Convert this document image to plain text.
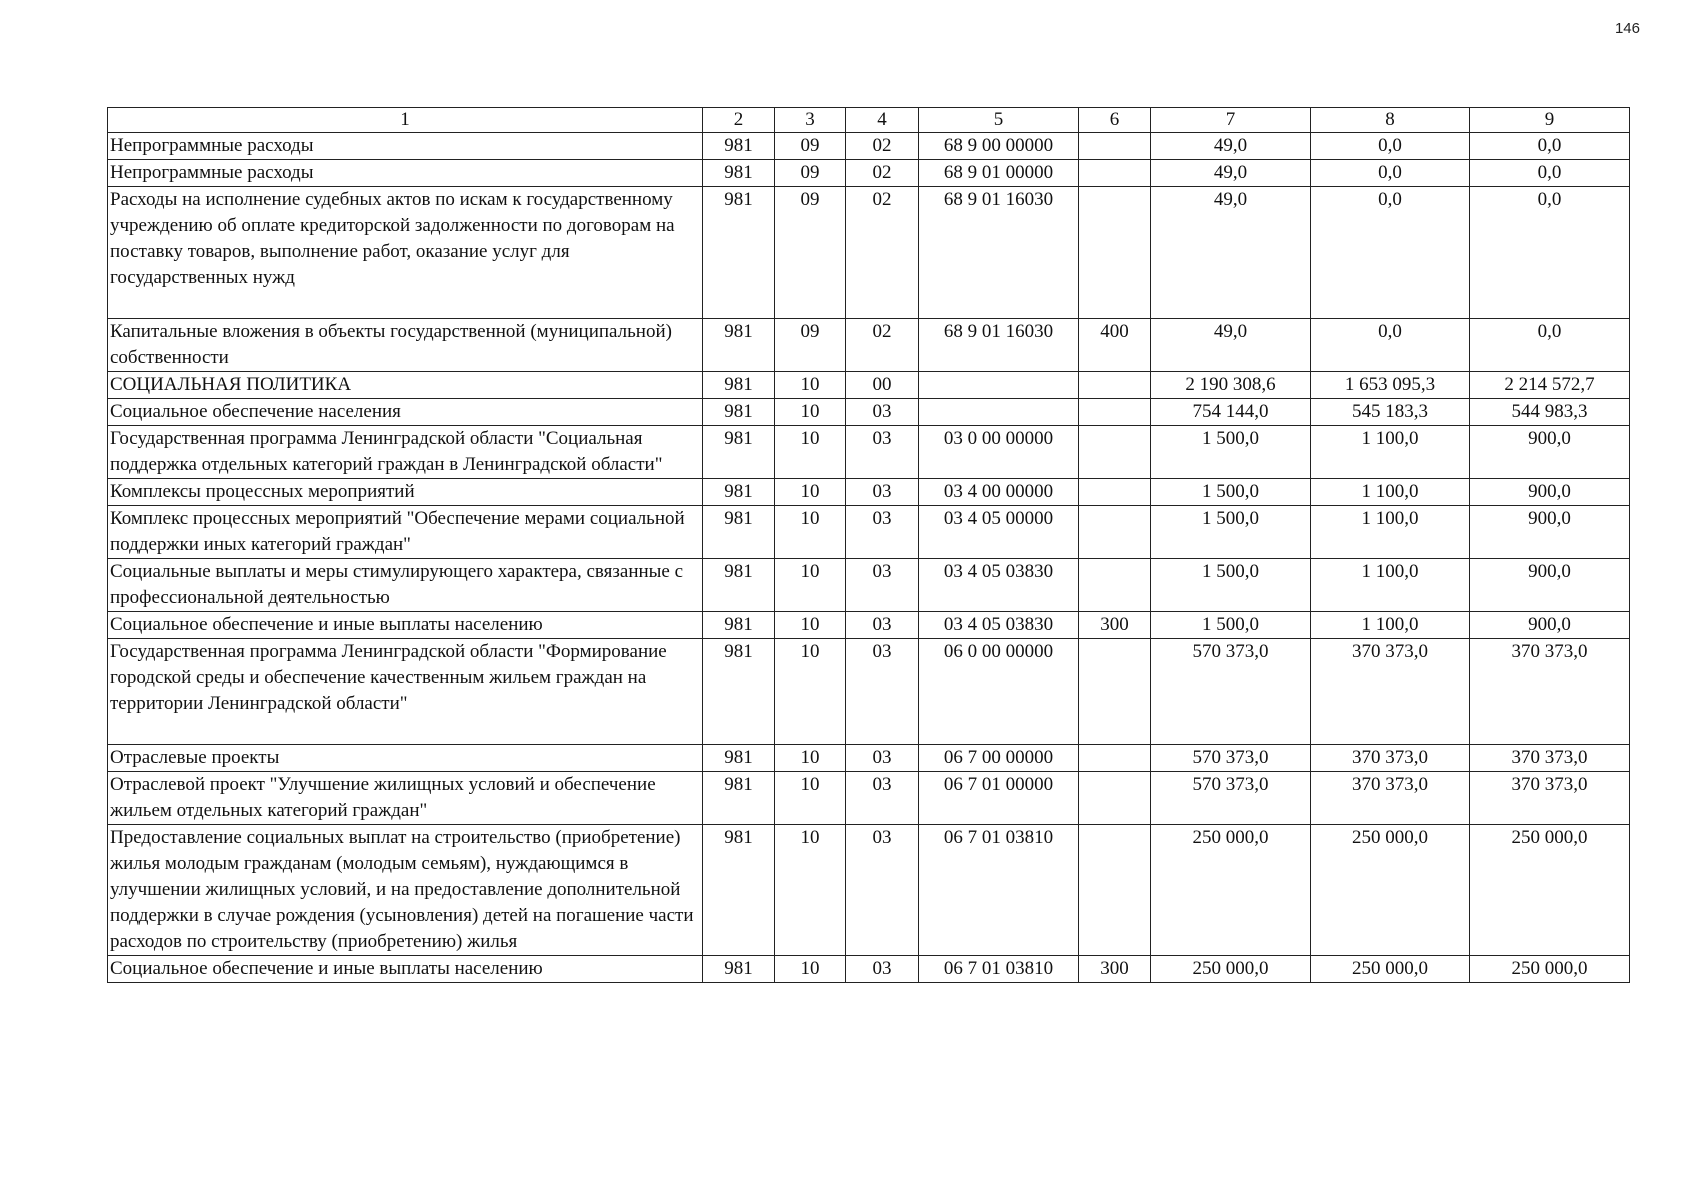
146
1	2	3	4	5	6	7	8	9
Непрограммные расходы	981	09	02	68 9 00 00000		49,0	0,0	0,0
Непрограммные расходы	981	09	02	68 9 01 00000		49,0	0,0	0,0
Расходы на исполнение судебных актов по искам к государственному учреждению об оплате кредиторской задолженности по договорам на поставку товаров, выполнение работ, оказание услуг для государственных нужд	981	09	02	68 9 01 16030		49,0	0,0	0,0
Капитальные вложения в объекты государственной (муниципальной) собственности	981	09	02	68 9 01 16030	400	49,0	0,0	0,0
СОЦИАЛЬНАЯ ПОЛИТИКА	981	10	00			2 190 308,6	1 653 095,3	2 214 572,7
Социальное обеспечение населения	981	10	03			754 144,0	545 183,3	544 983,3
Государственная программа Ленинградской области "Социальная поддержка отдельных категорий граждан в Ленинградской области"	981	10	03	03 0 00 00000		1 500,0	1 100,0	900,0
Комплексы процессных мероприятий	981	10	03	03 4 00 00000		1 500,0	1 100,0	900,0
Комплекс процессных мероприятий "Обеспечение мерами социальной поддержки иных категорий граждан"	981	10	03	03 4 05 00000		1 500,0	1 100,0	900,0
Социальные выплаты и меры стимулирующего характера, связанные с профессиональной деятельностью	981	10	03	03 4 05 03830		1 500,0	1 100,0	900,0
Социальное обеспечение и иные выплаты населению	981	10	03	03 4 05 03830	300	1 500,0	1 100,0	900,0
Государственная программа Ленинградской области "Формирование городской среды и обеспечение качественным жильем граждан на территории Ленинградской области"	981	10	03	06 0 00 00000		570 373,0	370 373,0	370 373,0
Отраслевые проекты	981	10	03	06 7 00 00000		570 373,0	370 373,0	370 373,0
Отраслевой проект "Улучшение жилищных условий и обеспечение жильем отдельных категорий граждан"	981	10	03	06 7 01 00000		570 373,0	370 373,0	370 373,0
Предоставление социальных выплат на строительство (приобретение) жилья молодым гражданам (молодым семьям), нуждающимся в улучшении жилищных условий, и на предоставление дополнительной поддержки в случае рождения (усыновления) детей на погашение части расходов по строительству (приобретению) жилья	981	10	03	06 7 01 03810		250 000,0	250 000,0	250 000,0
Социальное обеспечение и иные выплаты населению	981	10	03	06 7 01 03810	300	250 000,0	250 000,0	250 000,0
